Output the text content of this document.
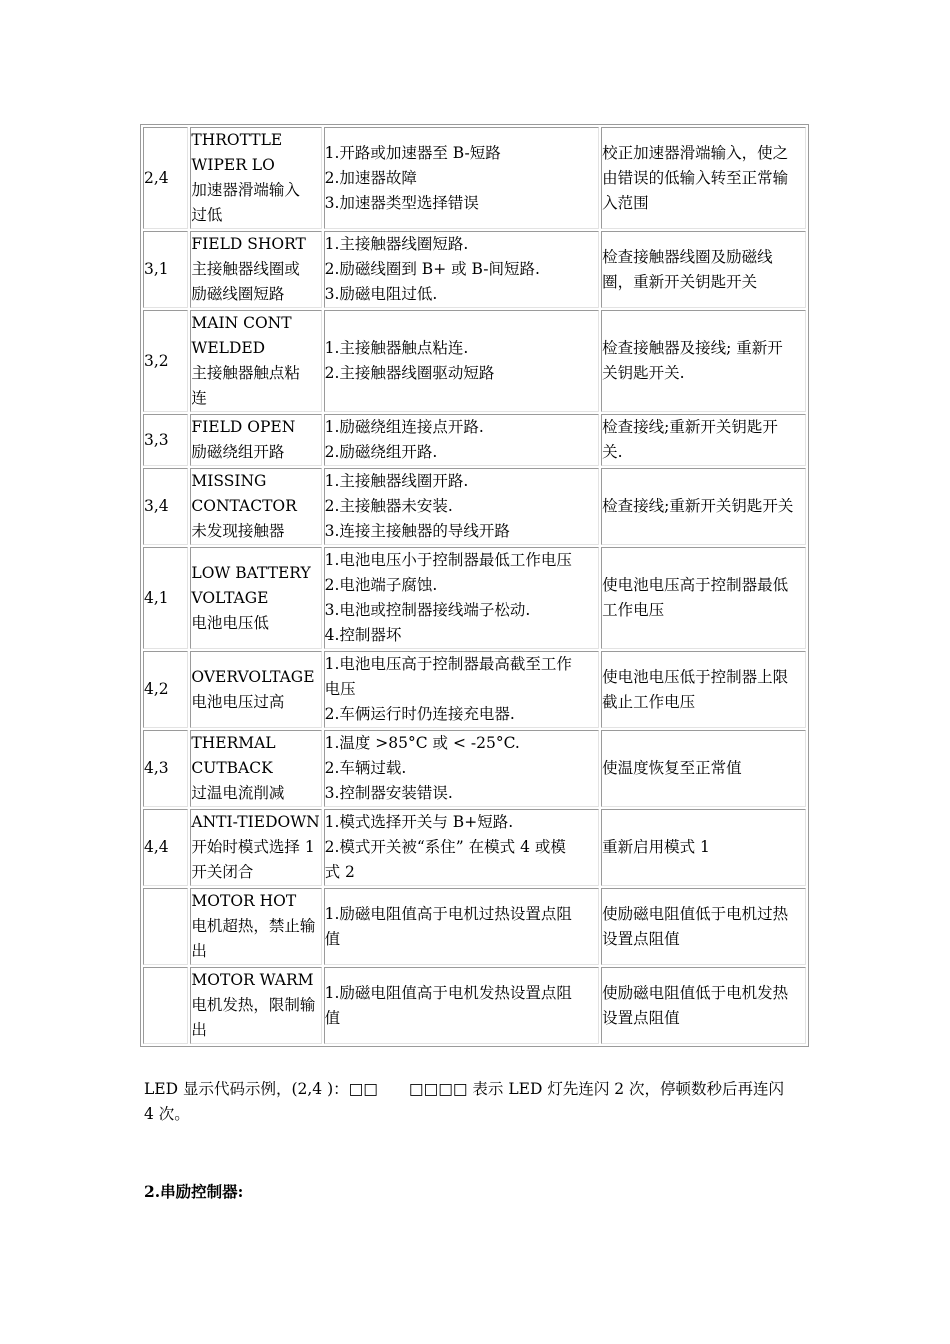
2,4	THROTTLE
WIPER LO
加速器滑端输入
过低	1.开路或加速器至 B-短路
2.加速器故障
3.加速器类型选择错误	校正加速器滑端输入，使之
由错误的低输入转至正常输
入范围

3,1	FIELD SHORT
主接触器线圈或
励磁线圈短路	1.主接触器线圈短路.
2.励磁线圈到 B+ 或 B-间短路.
3.励磁电阻过低.	检查接触器线圈及励磁线
圈，重新开关钥匙开关

3,2	MAIN CONT
WELDED
主接触器触点粘
连	1.主接触器触点粘连.
2.主接触器线圈驱动短路	检查接触器及接线; 重新开
关钥匙开关.

3,3	FIELD OPEN
励磁绕组开路	1.励磁绕组连接点开路.
2.励磁绕组开路.	检查接线;重新开关钥匙开
关.

3,4	MISSING
CONTACTOR
未发现接触器	1.主接触器线圈开路.
2.主接触器未安装.
3.连接主接触器的导线开路	检查接线;重新开关钥匙开关

4,1	LOW BATTERY
VOLTAGE
电池电压低	1.电池电压小于控制器最低工作电压
2.电池端子腐蚀.
3.电池或控制器接线端子松动.
4.控制器坏	使电池电压高于控制器最低
工作电压

4,2	OVERVOLTAGE
电池电压过高	1.电池电压高于控制器最高截至工作
电压
2.车俩运行时仍连接充电器.	使电池电压低于控制器上限
截止工作电压

4,3	THERMAL
CUTBACK
过温电流削减	1.温度 >85°C 或 < -25°C.
2.车辆过载.
3.控制器安装错误.	使温度恢复至正常值

4,4	ANTI-TIEDOWN
开始时模式选择 1
开关闭合	1.模式选择开关与 B+短路.
2.模式开关被“系住” 在模式 4 或模
式 2	重新启用模式 1

	MOTOR HOT
电机超热，禁止输
出	1.励磁电阻值高于电机过热设置点阻
值	使励磁电阻值低于电机过热
设置点阻值

	MOTOR WARM
电机发热，限制输
出	1.励磁电阻值高于电机发热设置点阻
值	使励磁电阻值低于电机发热
设置点阻值
LED 显示代码示例，(2,4 )：□□　　□□□□ 表示 LED 灯先连闪 2 次，停顿数秒后再连闪
4 次。
2.串励控制器:
